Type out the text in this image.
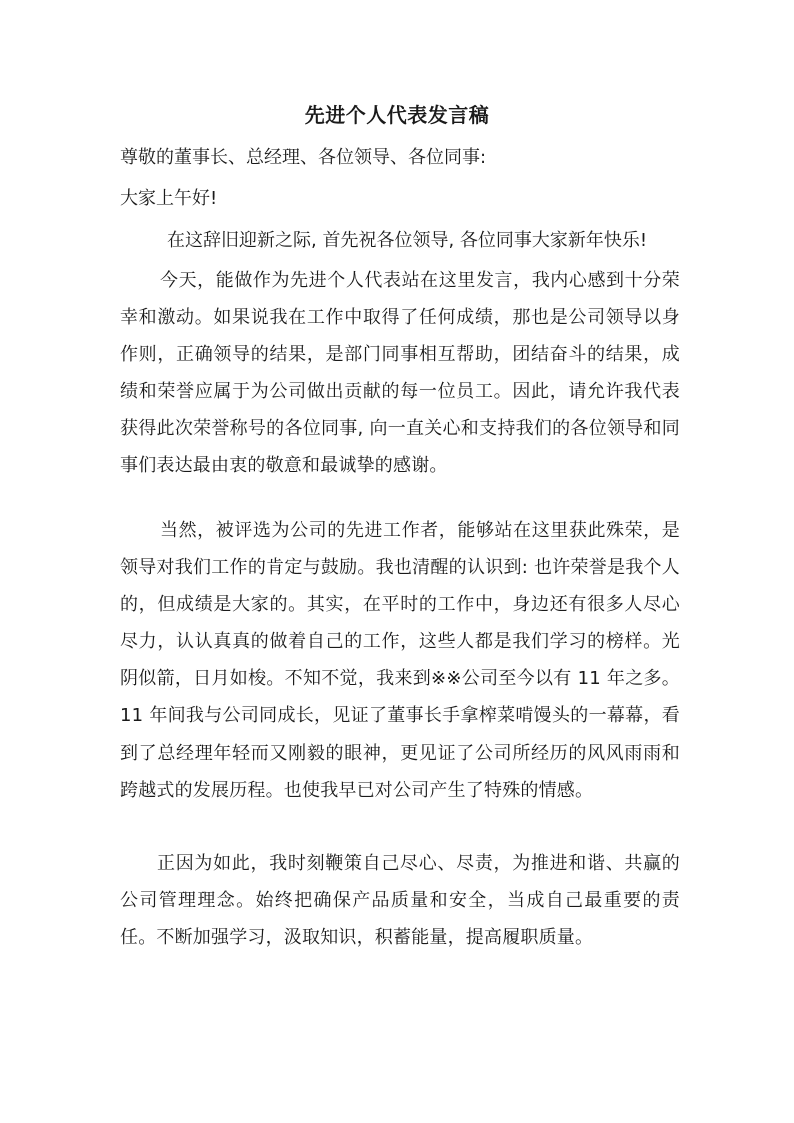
先进个人代表发言稿
尊敬的董事长、总经理、各位领导、各位同事:
大家上午好!
在这辞旧迎新之际, 首先祝各位领导, 各位同事大家新年快乐!

今天，能做作为先进个人代表站在这里发言，我内心感到十分荣幸和激动。如果说我在工作中取得了任何成绩，那也是公司领导以身作则，正确领导的结果，是部门同事相互帮助，团结奋斗的结果，成绩和荣誉应属于为公司做出贡献的每一位员工。因此，请允许我代表获得此次荣誉称号的各位同事, 向一直关心和支持我们的各位领导和同事们表达最由衷的敬意和最诚挚的感谢。

当然，被评选为公司的先进工作者，能够站在这里获此殊荣，是领导对我们工作的肯定与鼓励。我也清醒的认识到: 也许荣誉是我个人的，但成绩是大家的。其实，在平时的工作中，身边还有很多人尽心尽力，认认真真的做着自己的工作，这些人都是我们学习的榜样。光阴似箭，日月如梭。不知不觉，我来到※※公司至今以有 11 年之多。11 年间我与公司同成长，见证了董事长手拿榨菜啃馒头的一幕幕，看到了总经理年轻而又刚毅的眼神，更见证了公司所经历的风风雨雨和跨越式的发展历程。也使我早已对公司产生了特殊的情感。

正因为如此，我时刻鞭策自己尽心、尽责，为推进和谐、共赢的公司管理理念。始终把确保产品质量和安全，当成自己最重要的责任。不断加强学习，汲取知识，积蓄能量，提高履职质量。
